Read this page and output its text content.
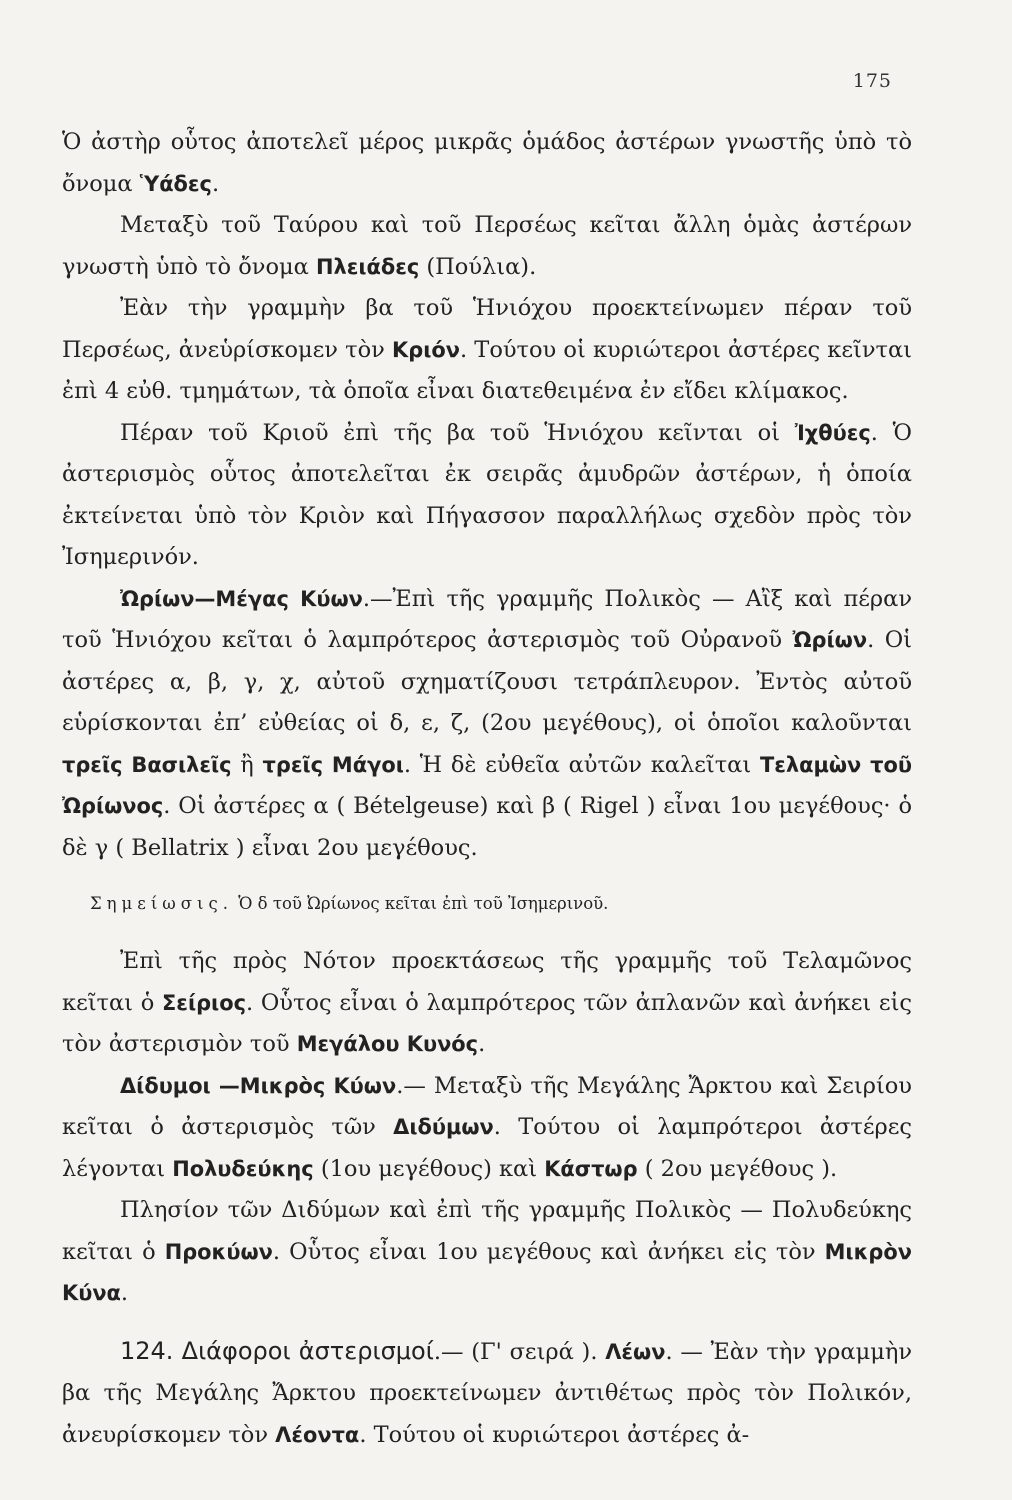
175

Ὁ ἀστὴρ οὗτος ἀποτελεῖ μέρος μικρᾶς ὁμάδος ἀστέρων γνωστῆς ὑπὸ τὸ ὄνομα Ὑάδες.

Μεταξὺ τοῦ Ταύρου καὶ τοῦ Περσέως κεῖται ἄλλη ὁμὰς ἀστέρων γνωστὴ ὑπὸ τὸ ὄνομα Πλειάδες (Πούλια).

Ἐὰν τὴν γραμμὴν βα τοῦ Ἡνιόχου προεκτείνωμεν πέραν τοῦ Περσέως, ἀνεὑρίσκομεν τὸν Κριόν. Τούτου οἱ κυριώτεροι ἀστέρες κεῖνται ἐπὶ 4 εὐθ. τμημάτων, τὰ ὁποῖα εἶναι διατεθειμένα ἐν εἴδει κλίμακος.

Πέραν τοῦ Κριοῦ ἐπὶ τῆς βα τοῦ Ἡνιόχου κεῖνται οἱ Ἰχθύες. Ὁ ἀστερισμὸς οὗτος ἀποτελεῖται ἐκ σειρᾶς ἀμυδρῶν ἀστέρων, ἡ ὁποία ἐκτείνεται ὑπὸ τὸν Κριὸν καὶ Πήγασσον παραλλήλως σχεδὸν πρὸς τὸν Ἰσημερινόν.

Ὠρίων—Μέγας Κύων.—Ἐπὶ τῆς γραμμῆς Πολικὸς — Αἲξ καὶ πέραν τοῦ Ἡνιόχου κεῖται ὁ λαμπρότερος ἀστερισμὸς τοῦ Οὐρανοῦ Ὠρίων. Οἱ ἀστέρες α, β, γ, χ, αὐτοῦ σχηματίζουσι τετράπλευρον. Ἐντὸς αὐτοῦ εὑρίσκονται ἐπ’ εὐθείας οἱ δ, ε, ζ, (2ου μεγέθους), οἱ ὁποῖοι καλοῦνται τρεῖς Βασιλεῖς ἢ τρεῖς Μάγοι. Ἡ δὲ εὐθεῖα αὐτῶν καλεῖται Τελαμὼν τοῦ Ὠρίωνος. Οἱ ἀστέρες α ( Bételgeuse) καὶ β ( Rigel ) εἶναι 1ου μεγέθους· ὁ δὲ γ ( Bellatrix ) εἶναι 2ου μεγέθους.

Σημείωσις. Ὁ δ τοῦ Ὠρίωνος κεῖται ἐπὶ τοῦ Ἰσημερινοῦ.

Ἐπὶ τῆς πρὸς Νότον προεκτάσεως τῆς γραμμῆς τοῦ Τελαμῶνος κεῖται ὁ Σείριος. Οὗτος εἶναι ὁ λαμπρότερος τῶν ἀπλανῶν καὶ ἀνήκει εἰς τὸν ἀστερισμὸν τοῦ Μεγάλου Κυνός.

Δίδυμοι —Μικρὸς Κύων.— Μεταξὺ τῆς Μεγάλης Ἄρκτου καὶ Σειρίου κεῖται ὁ ἀστερισμὸς τῶν Διδύμων. Τούτου οἱ λαμπρότεροι ἀστέρες λέγονται Πολυδεύκης (1ου μεγέθους) καὶ Κάστωρ ( 2ου μεγέθους ).

Πλησίον τῶν Διδύμων καὶ ἐπὶ τῆς γραμμῆς Πολικὸς — Πολυδεύκης κεῖται ὁ Προκύων. Οὗτος εἶναι 1ου μεγέθους καὶ ἀνήκει εἰς τὸν Μικρὸν Κύνα.

124. Διάφοροι ἀστερισμοί.— (Γ' σειρά ). Λέων. — Ἐὰν τὴν γραμμὴν βα τῆς Μεγάλης Ἄρκτου προεκτείνωμεν ἀντιθέτως πρὸς τὸν Πολικόν, ἀνευρίσκομεν τὸν Λέοντα. Τούτου οἱ κυριώτεροι ἀστέρες ἀ-
